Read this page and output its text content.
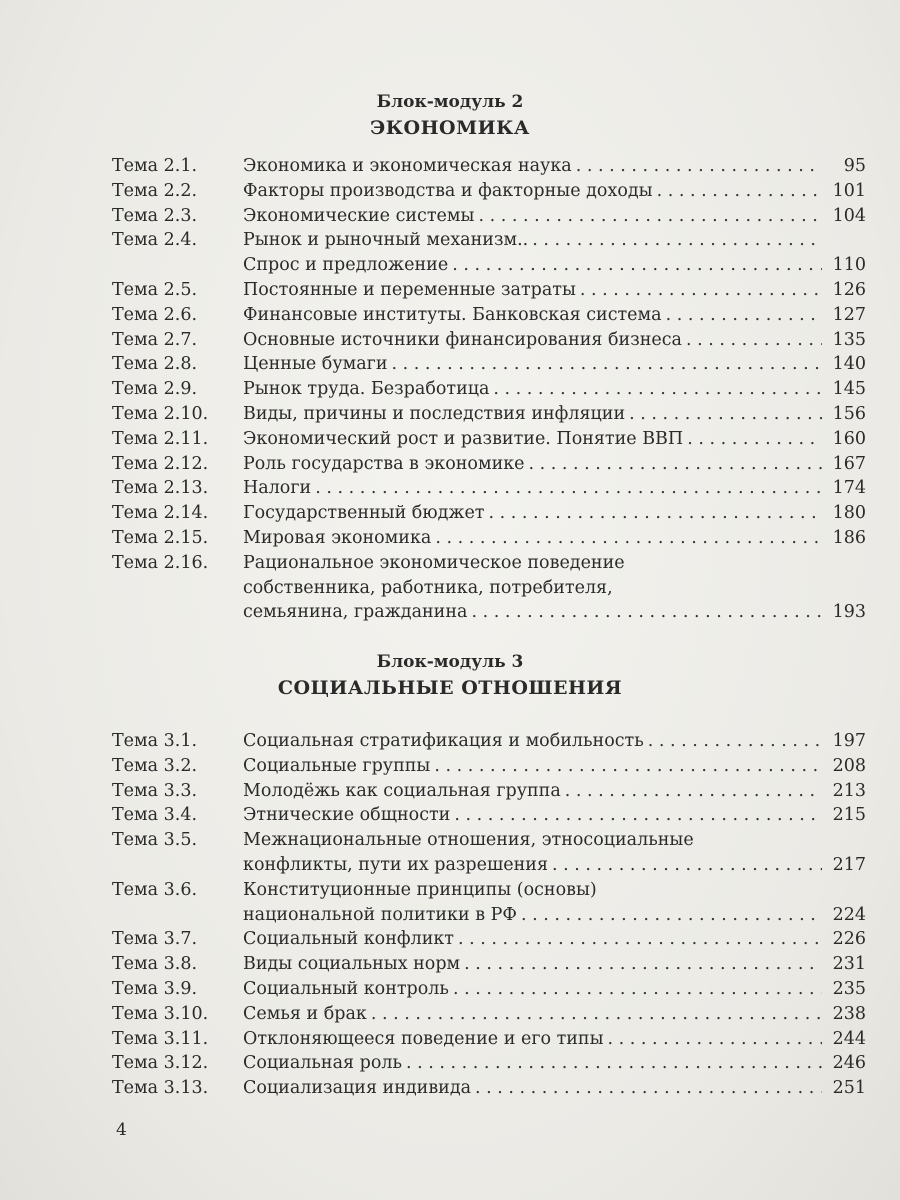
Блок-модуль 2
ЭКОНОМИКА
Тема 2.1.	Экономика и экономическая наука . . .	95
Тема 2.2.	Факторы производства и факторные доходы . . .	101
Тема 2.3.	Экономические системы . . .	104
Тема 2.4.	Рынок и рыночный механизм..
. . .
Спрос и предложение . . .	110
Тема 2.5.	Постоянные и переменные затраты . . .	126
Тема 2.6.	Финансовые институты. Банковская система . . .	127
Тема 2.7.	Основные источники финансирования бизнеса . . .	135
Тема 2.8.	Ценные бумаги . . .	140
Тема 2.9.	Рынок труда. Безработица . . .	145
Тема 2.10.	Виды, причины и последствия инфляции . . .	156
Тема 2.11.	Экономический рост и развитие. Понятие ВВП . . .	160
Тема 2.12.	Роль государства в экономике . . .	167
Тема 2.13.	Налоги . . .	174
Тема 2.14.	Государственный бюджет . . .	180
Тема 2.15.	Мировая экономика . . .	186
Тема 2.16.	Рациональное экономическое поведение
собственника, работника, потребителя,
семьянина, гражданина . . .	193
Блок-модуль 3
СОЦИАЛЬНЫЕ ОТНОШЕНИЯ
Тема 3.1.	Социальная стратификация и мобильность . . .	197
Тема 3.2.	Социальные группы . . .	208
Тема 3.3.	Молодёжь как социальная группа . . .	213
Тема 3.4.	Этнические общности . . .	215
Тема 3.5.	Межнациональные отношения, этносоциальные
конфликты, пути их разрешения . . .	217
Тема 3.6.	Конституционные принципы (основы)
национальной политики в РФ . . .	224
Тема 3.7.	Социальный конфликт . . .	226
Тема 3.8.	Виды социальных норм . . .	231
Тема 3.9.	Социальный контроль . . .	235
Тема 3.10.	Семья и брак . . .	238
Тема 3.11.	Отклоняющееся поведение и его типы . . .	244
Тема 3.12.	Социальная роль . . .	246
Тема 3.13.	Социализация индивида . . .	251
4
